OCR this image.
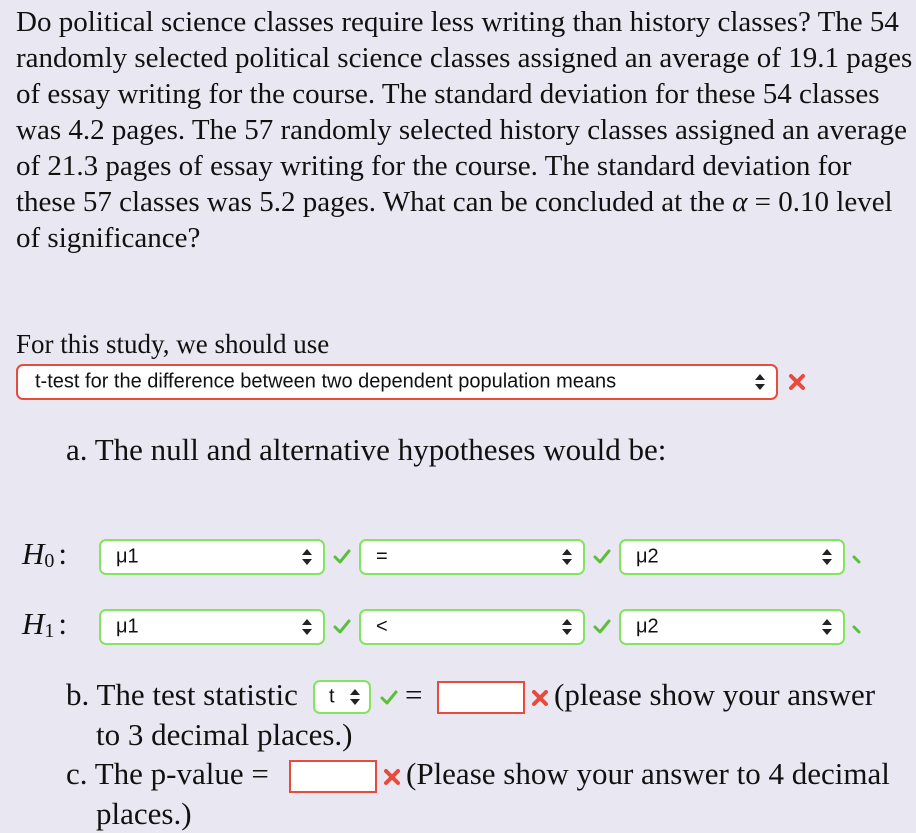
Do political science classes require less writing than history classes? The 54 randomly selected political science classes assigned an average of 19.1 pages of essay writing for the course. The standard deviation for these 54 classes was 4.2 pages. The 57 randomly selected history classes assigned an average of 21.3 pages of essay writing for the course. The standard deviation for these 57 classes was 5.2 pages. What can be concluded at the α = 0.10 level of significance?

For this study, we should use
t-test for the difference between two dependent population means
a. The null and alternative hypotheses would be:
$H_0$ : μ1	=	μ2
$H_1$ : μ1	<	μ2
b. The test statistic t =	(please show your answer
to 3 decimal places.)
c. The p-value =	(Please show your answer to 4 decimal
places.)
